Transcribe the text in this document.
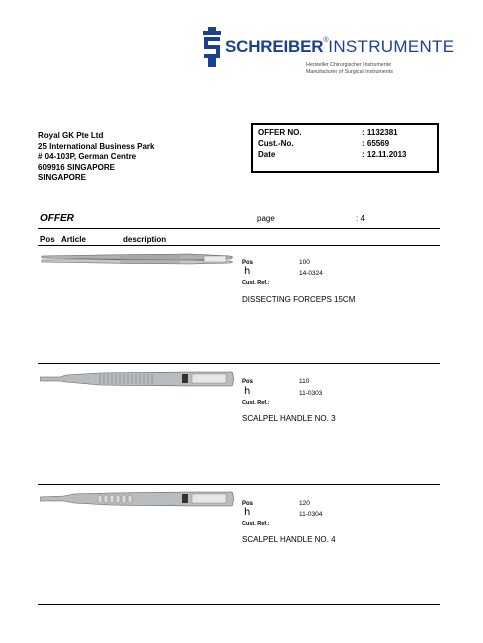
SCHREIBER®INSTRUMENTE
Hersteller Chirurgischer Instrumente
Manufacturer of Surgical Instruments
Royal GK Pte Ltd
25 International Business Park
# 04-103P, German Centre
609916 SINGAPORE
SINGAPORE
OFFER NO.	: 1132381
Cust.-No.	: 65569
Date	: 12.11.2013
OFFER	page	: 4
Pos Article	description
Pos	100
h	14-0324
Cust. Ref.:
DISSECTING FORCEPS 15CM
Pos	110
h	11-0303
Cust. Ref.:
SCALPEL HANDLE NO. 3
Pos	120
h	11-0304
Cust. Ref.:
SCALPEL HANDLE NO. 4
